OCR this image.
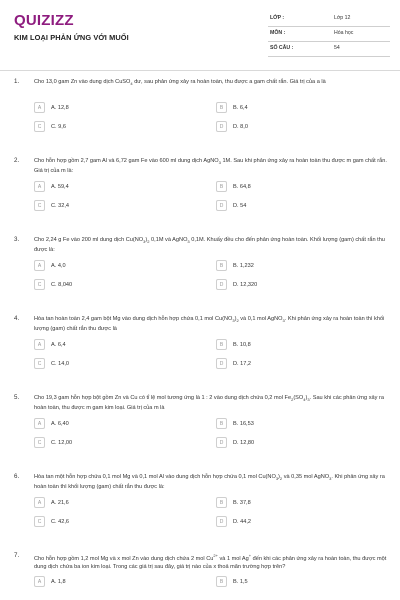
QUIZIZZ
KIM LOẠI PHẢN ỨNG VỚI MUỐI
LỚP :	Lớp 12
MÔN :	Hóa học
SỐ CÂU :	54
1.	Cho 13,0 gam Zn vào dung dịch CuSO$_4$ dư, sau phản ứng xảy ra hoàn toàn, thu được a gam chất rắn. Giá trị của a là
A	A. 12,8	B	B. 6,4
C	C. 9,6	D	D. 8,0
2.	Cho hỗn hợp gồm 2,7 gam Al và 6,72 gam Fe vào 600 ml dung dịch AgNO$_3$ 1M. Sau khi phản ứng xảy ra hoàn toàn thu được m gam chất rắn. Giá trị của m là:
A	A. 59,4	B	B. 64,8
C	C. 32,4	D	D. 54
3.	Cho 2,24 g Fe vào 200 ml dung dịch $Cu(NO_3)_2$ 0,1M và AgNO$_3$ 0,1M. Khuấy đều cho đến phản ứng hoàn toàn. Khối lượng (gam) chất rắn thu được là:
A	A. 4,0	B	B. 1,232
C	C. 8,040	D	D. 12,320
4.	Hòa tan hoàn toàn 2,4 gam bột Mg vào dung dịch hỗn hợp chứa 0,1 mol $Cu(NO_3)_2$ và 0,1 mol AgNO$_3$. Khi phản ứng xảy ra hoàn toàn thì khối lượng (gam) chất rắn thu được là
A	A. 6,4	B	B. 10,8
C	C. 14,0	D	D. 17,2
5.	Cho 19,3 gam hỗn hợp bột gồm Zn và Cu có tỉ lệ mol tương ứng là 1 : 2 vào dung dịch chứa 0,2 mol $Fe_2(SO_4)_3$. Sau khi các phản ứng xảy ra hoàn toàn, thu được m gam kim loại. Giá trị của m là
A	A. 6,40	B	B. 16,53
C	C. 12,00	D	D. 12,80
6.	Hòa tan một hỗn hợp chứa 0,1 mol Mg và 0,1 mol Al vào dung dịch hỗn hợp chứa 0,1 mol $Cu(NO_3)_2$ và 0,35 mol AgNO$_3$. Khi phản ứng xảy ra hoàn toàn thì khối lượng (gam) chất rắn thu được là:
A	A. 21,6	B	B. 37,8
C	C. 42,6	D	D. 44,2
7.	Cho hỗn hợp gồm 1,2 mol Mg và x mol Zn vào dung dịch chứa 2 mol $Cu^{2+}$ và 1 mol Ag+ đến khi các phản ứng xảy ra hoàn toàn, thu được một dung dịch chứa ba ion kim loại. Trong các giá trị sau đây, giá trị nào của x thoả mãn trường hợp trên?
A	A. 1,8	B	B. 1,5
